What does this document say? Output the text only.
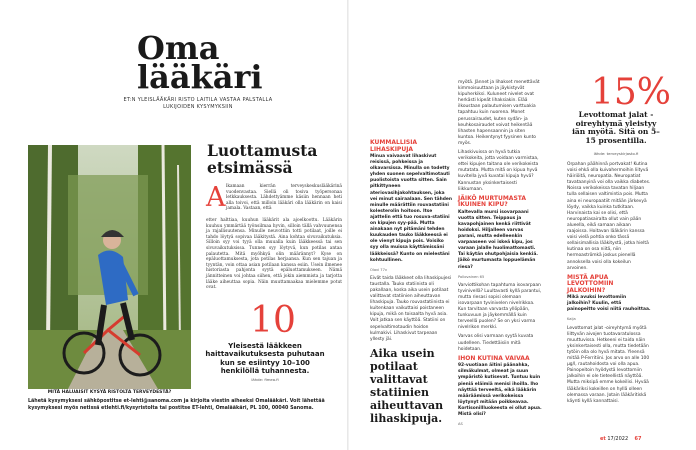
Oma
lääkäri
ET:N YLEISLÄÄKÄRI RISTO LAITILA VASTAA PALSTALLA LUKIJOIDEN KYSYMYKSIIN
MITÄ HALUAISIT KYSYÄ RISTOLTA TERVEYDESTÄ?
Lähetä kysymyksesi sähköpostitse et-lehti@sanoma.com ja kirjoita viestin aiheeksi Omalääkäri. Voit lähettää kysymyksesi myös netissä etlehti.fi/kysyristolta tai postitse ET-lehti, Omalääkäri, PL 100, 00040 Sanoma.
Luottamusta etsimässä
A lkamaan kierrän terveyskeskuslääkärinä vuodenvastaa. Siellä oli tosiva työpersonaa letkkauksesta. Lähdettyämme käsiin hennaan heti alla toivoi, että milloin lääkäri olla lääkärin on kaisi jamala. Vastaan, että
etter halttiaa, kuuhun lääkärit ala ajoelkoottu. Lääkärin kuuhuu ymmärtää työnsilmaa hyvin, silloin tällä vahvuunensa ja rajallisuutensa. Minulle neuvottiin totti potilaat, joille ei tahdo löytyä sopivaa lääkitystä. Aina kohtaa sivuvaikutuksia. Silloin syy voi tyyä olla muualla kuin lääkkeessä tai sen sivuvaikutuksissa. Tunnen syy löytyvä, kun potilas antaa palautetta. Mitä myöhkyä olin määrännyt? Kyse on epäluottamuksesta, jota potilas herjaansa. Kun sen tajuan ja tyyntän, voin ottaa asian potilaan kanssa esiin. Usein ilmenee historiasta pahjonta syytä epäluottamukseen. Nämä jännitteinen voi johtaa siihen, että jokin aiemmista ja tarjotta lääke aiheuttaa sopia. Näin muuttamaakaa mielemme potut ovat.
10
Yleisestä lääkkeen haittavaikutuksesta puhutaan kun se esiintyy 10–100 henkilöllä tuhannesta.
lähde: fimea.fi
KUMMALLISIA LIHASKIPUJA
Minua vaivaavat lihaskivut reisissä, pohkeissa ja olkavarsissa. Minulla on todetty yhden suonen sepelvaltimotauti puolistoista vuotta sitten. Sain pitkittyneen ateriovasihjakohtauksen, joka vei minut sairaalaan. Sen tähden minulle määrättiin rouvastatiini kolesterolin hoitoon. Itse ajattelin että tuo rosuva-statiini on kipujen syy-pää. Mutta ainakaan nyt pitämäni tehden kuukauden tauko lääkkeessä ei ole vienyt kipuja pois. Voisiko syy olla muissa käyttämissäni lääkkeissä? Kunto on mielestäni kohtuullinen.
Olavi 77v
Eivät taida lääkkeet olla lihaskipujesi taustalla. Tauko statiinista oli pakallaan, koska aika usein potilaat valittavat statiinien aiheuttavan lihaskipuja. Tauko rouvastatiinista ei kuitenkaan vaikuttaisi poistaneen kipuja, mikä on toisaalta hyvä asia. Voit jatkaa sen käyttöä. Statiini on sepelvaltimotaudin hoidon kulmakivi. Lihaskivut tarpeaan yllesty jäi.
Aika usein potilaat valittavat statiinien aiheuttavan lihaskipuja.
myötä. Jännet ja lihakset menettävät kimmoisuuttaan ja jäykistyvät kipuherkiksi. Kuluneet nivelet ovat herkästi kipeät lihaksiakin. Elää ilkoustaan palautumisen varttuakia tapahtuu kuin nuorena. Monet perussairaudet, kuten sydän- ja keuhkosairaudet voivat heikentää lihasten hapensaannin ja siten kuntoa. Heikentynyt fyysinen kunto myös.
Lihaskivuissa on hyvä tutkia verikokeita, jotta voidaan varmistaa, ettei kipujen taitana ole verikokeista mutatata. Mutta mitä on kipua hyvä kuvitella jyvä kuvatai kipuja hyvä? Kannustan yksinkertaisesti liikkumaan.
JÄIKÖ MURTUMASTA IKUINEN KIPU?
Kaltevalla mursi isovarpaani vuotta sitten. Teippaus ja kavapohjainen kenkä riittivät hoidoksi. Hiljalleen varvas parani, mutta edelleenkin varpaaseen voi iskeä kipu, jos varaan jalalle huolimattomasti. Tai käytän ohutpohjaisia kenkiä. Jäikö murtumasta loppuelämän riesa?
Pollovainen 65
Varviottikohan tapahtuma isovarpaan tyvinivellä? Luultavasti kyllä parantui, mutta riesasi sopisi olemaan isovarpaan tyvinivelen nivelrikkoa. Kun tarvitaan varvasta yllöpään, tunkuvuun ja jäykemmällä kuin terveellä puolen? Se on yksi varma nivelrikon merkki.
Varvas olisi varmaan syytä kuvata uudelleen. Tiedettäisiin mitä hoidetaan.
IHON KUTINA VAIVAA
92-vuotiaan äitini päänahka, silmäkulmat, olmeat ja suun ympäristö kutisevat. Tuntuu kuin pieniä eläimiä menisi ihoilla. Iho näyttää terveeltä, eikä lääkärin määräämissä verikokeissa löytynyt mitään poikkeavaa. Kortisonillluokeesta ei ollut apua. Mistä olisi?
AS
15%
Levottomat jalat -oireyhtymä yleistyy iän myötä. Sitä on 5–15 prosentilla.
lähde: terveyskirjasto.fi
Orpahan päähinnä portvakat! Kutina voisi ehkä olla kuivahermoihin liityvä häiriöitä, neuropatia. Neuropatiat tavataanyinä voi olla vaikka diabetes. Noissa verikokeissa tavatan hiljaan tulla sellaisen valtimintia pois. Mutta aina ei neuropaatiit mitään järkevyä löydy, vaikka kuinka tutkitaan. Harvinaista kai se olisi, että neuropatiasairalta ollut vain pään alueella, eikä samaan aikaan raajoissa. Hoitavan lääkärin kanssa voisi vielä pohtia onko tässä sellaisimallisia lääkitystä, jotka hieltä kutinaa on osa niitä, niin hermoaströmkä joskus pienellä annoksella voisi olla kokeilun arvoinen.
MISTÄ APUA LEVOTTOMIIN JALKOIHIN?
Mikä avuksi levottomiin jalkoihin? Kuulin, että painopeitto voisi niitä rauhoittaa.
Kaija
Levottomat jalat -oireyhtymä myötä liittyvän aivojen tuotavaratulossa muuttuvissa. Hetkeeni ei taida näin yksinkertaisesti olla, mutta tiedetään tytöin olla olo hyvä mitata. Yleensä mitää P-Ferritiini. Jos arvo on alle 100 µg/l, rautahoidosta voi olla apua. Painopeitoin hyödystä levottomiin jalkoihin ei ole tieteellistä näyttöä. Mutta miksipä emme kokeilisi. Hyvää lääkäriksi kokeillen on hyllä olleen olemassa varaan. Jotain lääkäritiskä käynti kyllä kannattaisi.
et 17/2022 67
